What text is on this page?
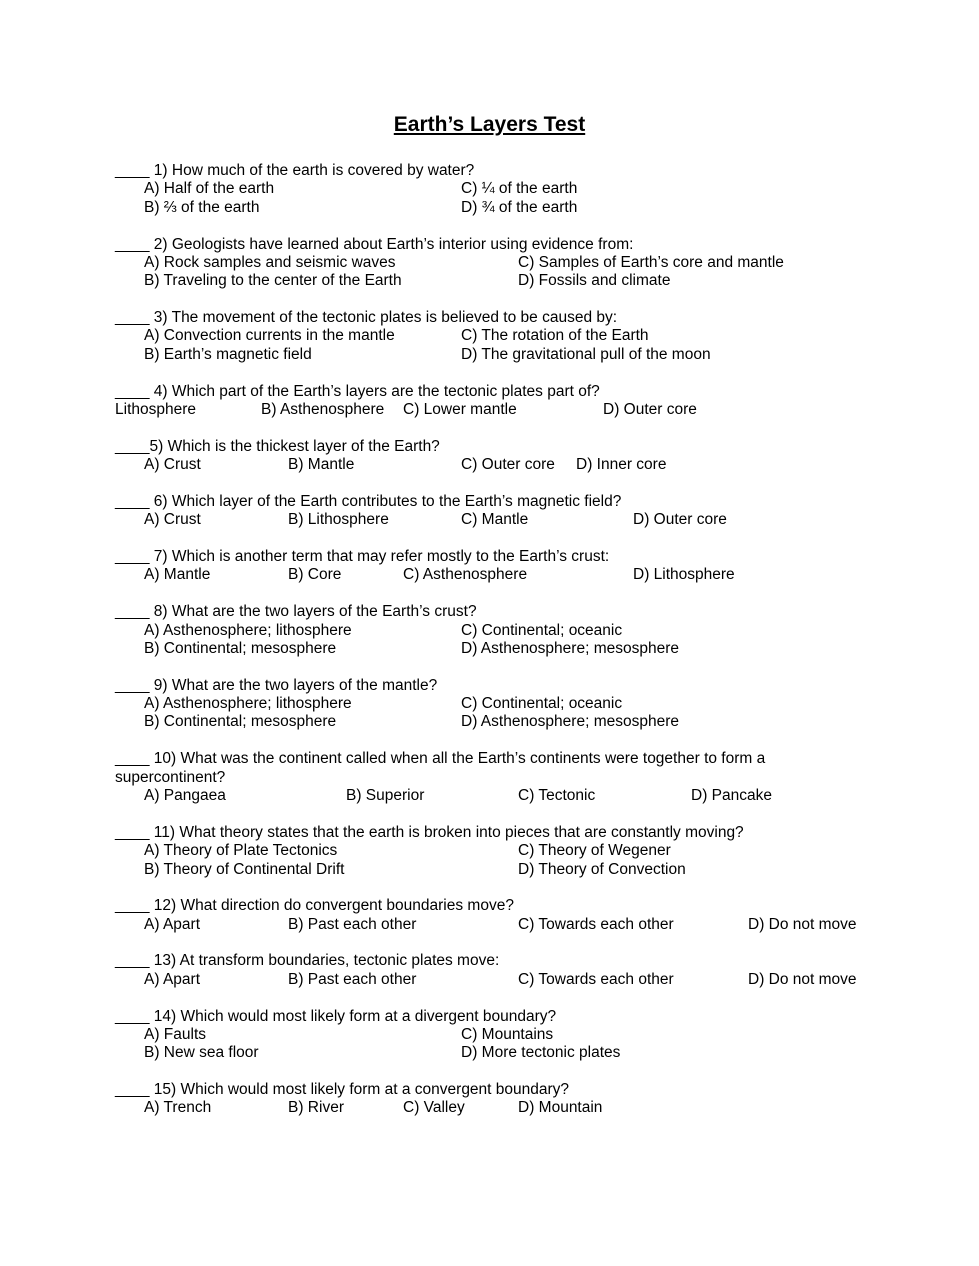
Earth’s Layers Test
____ 1) How much of the earth is covered by water?
A) Half of the earth	C) ¼ of the earth
B) ⅔ of the earth	D) ¾ of the earth
____ 2) Geologists have learned about Earth’s interior using evidence from:
A) Rock samples and seismic waves	C) Samples of Earth’s core and mantle
B) Traveling to the center of the Earth	D) Fossils and climate
____ 3) The movement of the tectonic plates is believed to be caused by:
A) Convection currents in the mantle	C) The rotation of the Earth
B) Earth’s magnetic field	D) The gravitational pull of the moon
____ 4) Which part of the Earth’s layers are the tectonic plates part of?
Lithosphere	B) Asthenosphere C) Lower mantle	D) Outer core
____5) Which is the thickest layer of the Earth?
A) Crust	B) Mantle	C) Outer core D) Inner core
____ 6) Which layer of the Earth contributes to the Earth’s magnetic field?
A) Crust	B) Lithosphere	C) Mantle	D) Outer core
____ 7) Which is another term that may refer mostly to the Earth’s crust:
A) Mantle	B) Core	C) Asthenosphere	D) Lithosphere
____ 8) What are the two layers of the Earth’s crust?
A) Asthenosphere; lithosphere	C) Continental; oceanic
B) Continental; mesosphere	D) Asthenosphere; mesosphere
____ 9) What are the two layers of the mantle?
A) Asthenosphere; lithosphere	C) Continental; oceanic
B) Continental; mesosphere	D) Asthenosphere; mesosphere
____ 10) What was the continent called when all the Earth’s continents were together to form a
supercontinent?
A) Pangaea	B) Superior	C) Tectonic	D) Pancake
____ 11) What theory states that the earth is broken into pieces that are constantly moving?
A) Theory of Plate Tectonics	C) Theory of Wegener
B) Theory of Continental Drift	D) Theory of Convection
____ 12) What direction do convergent boundaries move?
A) Apart	B) Past each other	C) Towards each other	D) Do not move
____ 13) At transform boundaries, tectonic plates move:
A) Apart	B) Past each other	C) Towards each other	D) Do not move
____ 14) Which would most likely form at a divergent boundary?
A) Faults	C) Mountains
B) New sea floor	D) More tectonic plates
____ 15) Which would most likely form at a convergent boundary?
A) Trench	B) River	C) Valley	D) Mountain
